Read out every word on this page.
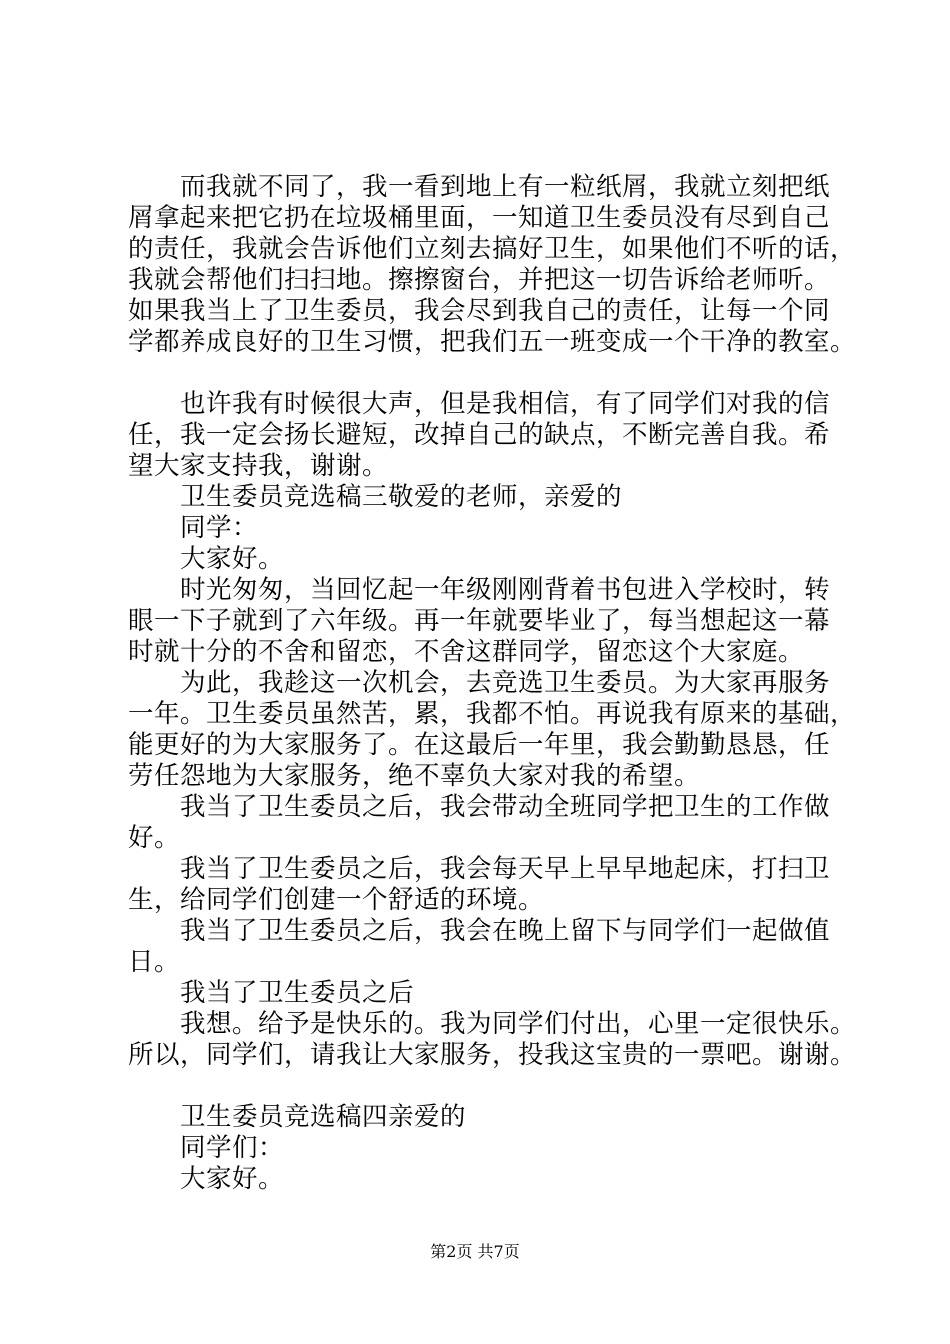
而我就不同了，我一看到地上有一粒纸屑，我就立刻把纸
屑拿起来把它扔在垃圾桶里面，一知道卫生委员没有尽到自己
的责任，我就会告诉他们立刻去搞好卫生，如果他们不听的话，
我就会帮他们扫扫地。擦擦窗台，并把这一切告诉给老师听。
如果我当上了卫生委员，我会尽到我自己的责任，让每一个同
学都养成良好的卫生习惯，把我们五一班变成一个干净的教室。
也许我有时候很大声，但是我相信，有了同学们对我的信
任，我一定会扬长避短，改掉自己的缺点，不断完善自我。希
望大家支持我，谢谢。
卫生委员竞选稿三敬爱的老师，亲爱的
同学：
大家好。
时光匆匆，当回忆起一年级刚刚背着书包进入学校时，转
眼一下子就到了六年级。再一年就要毕业了，每当想起这一幕
时就十分的不舍和留恋，不舍这群同学，留恋这个大家庭。
为此，我趁这一次机会，去竞选卫生委员。为大家再服务
一年。卫生委员虽然苦，累，我都不怕。再说我有原来的基础，
能更好的为大家服务了。在这最后一年里，我会勤勤恳恳，任
劳任怨地为大家服务，绝不辜负大家对我的希望。
我当了卫生委员之后，我会带动全班同学把卫生的工作做
好。
我当了卫生委员之后，我会每天早上早早地起床，打扫卫
生，给同学们创建一个舒适的环境。
我当了卫生委员之后，我会在晚上留下与同学们一起做值
日。
我当了卫生委员之后
我想。给予是快乐的。我为同学们付出，心里一定很快乐。
所以，同学们，请我让大家服务，投我这宝贵的一票吧。谢谢。
卫生委员竞选稿四亲爱的
同学们：
大家好。
第2页 共7页
